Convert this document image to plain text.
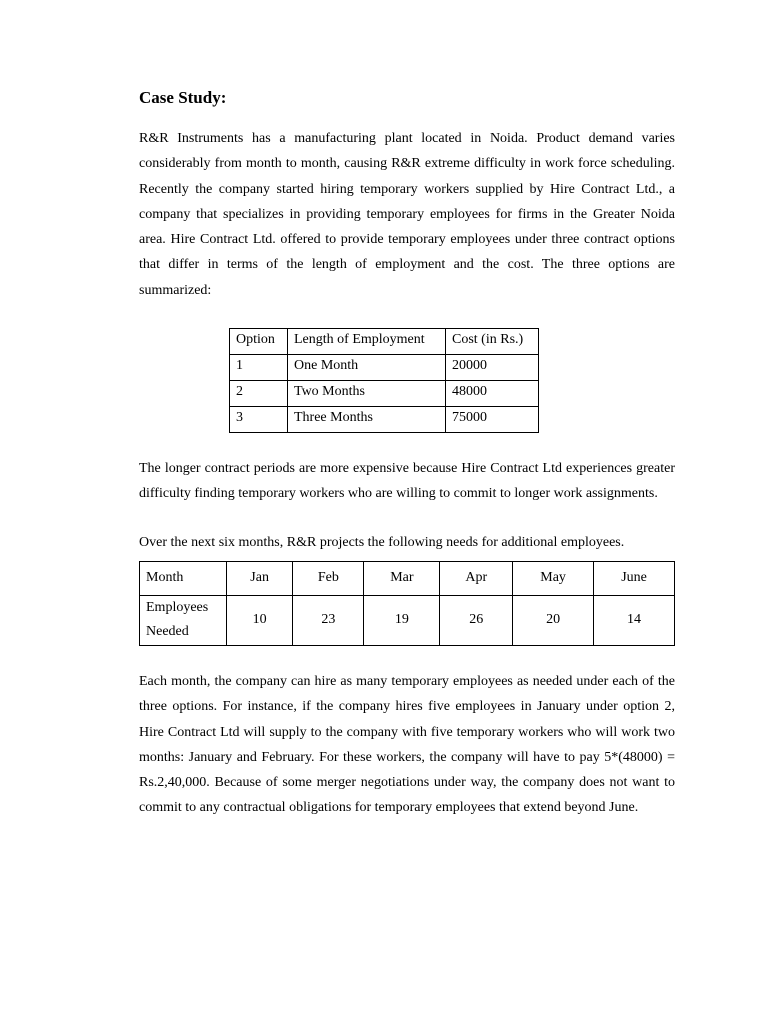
Case Study:

R&R Instruments has a manufacturing plant located in Noida. Product demand varies considerably from month to month, causing R&R extreme difficulty in work force scheduling. Recently the company started hiring temporary workers supplied by Hire Contract Ltd., a company that specializes in providing temporary employees for firms in the Greater Noida area. Hire Contract Ltd. offered to provide temporary employees under three contract options that differ in terms of the length of employment and the cost. The three options are summarized:

Option	Length of Employment	Cost (in Rs.)
1	One Month	20000
2	Two Months	48000
3	Three Months	75000

The longer contract periods are more expensive because Hire Contract Ltd experiences greater difficulty finding temporary workers who are willing to commit to longer work assignments.

Over the next six months, R&R projects the following needs for additional employees.

Month	Jan	Feb	Mar	Apr	May	June
Employees
Needed	10	23	19	26	20	14

Each month, the company can hire as many temporary employees as needed under each of the three options. For instance, if the company hires five employees in January under option 2, Hire Contract Ltd will supply to the company with five temporary workers who will work two months: January and February. For these workers, the company will have to pay 5*(48000) = Rs.2,40,000. Because of some merger negotiations under way, the company does not want to commit to any contractual obligations for temporary employees that extend beyond June.
